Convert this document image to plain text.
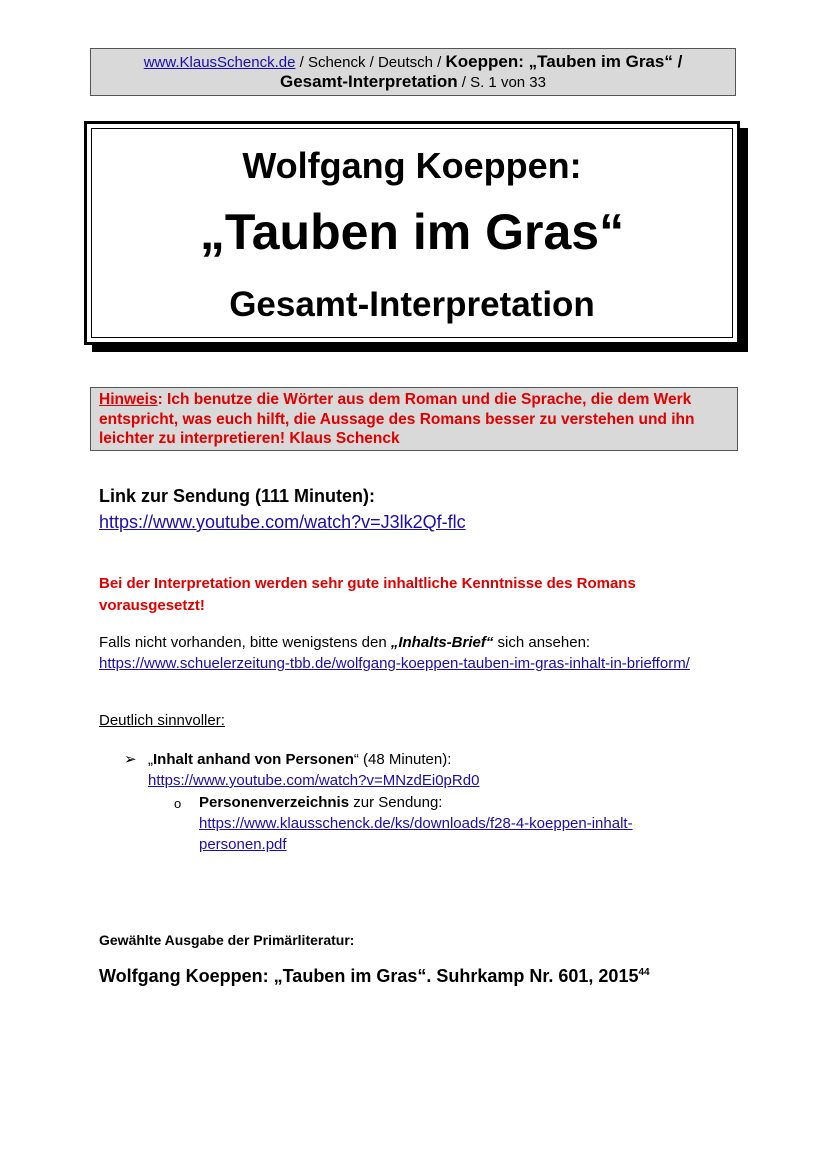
www.KlausSchenck.de / Schenck / Deutsch / Koeppen: „Tauben im Gras“ /
Gesamt-Interpretation / S. 1 von 33
Wolfgang Koeppen:
„Tauben im Gras“
Gesamt-Interpretation
Hinweis: Ich benutze die Wörter aus dem Roman und die Sprache, die dem Werk entspricht, was euch hilft, die Aussage des Romans besser zu verstehen und ihn leichter zu interpretieren! Klaus Schenck
Link zur Sendung (111 Minuten):
https://www.youtube.com/watch?v=J3lk2Qf-flc
Bei der Interpretation werden sehr gute inhaltliche Kenntnisse des Romans vorausgesetzt!
Falls nicht vorhanden, bitte wenigstens den „Inhalts-Brief“ sich ansehen:
https://www.schuelerzeitung-tbb.de/wolfgang-koeppen-tauben-im-gras-inhalt-in-briefform/
Deutlich sinnvoller:
➢ „Inhalt anhand von Personen“ (48 Minuten):
https://www.youtube.com/watch?v=MNzdEi0pRd0
o Personenverzeichnis zur Sendung:
https://www.klausschenck.de/ks/downloads/f28-4-koeppen-inhalt-personen.pdf
Gewählte Ausgabe der Primärliteratur:
Wolfgang Koeppen: „Tauben im Gras“. Suhrkamp Nr. 601, 2015$^{44}$
